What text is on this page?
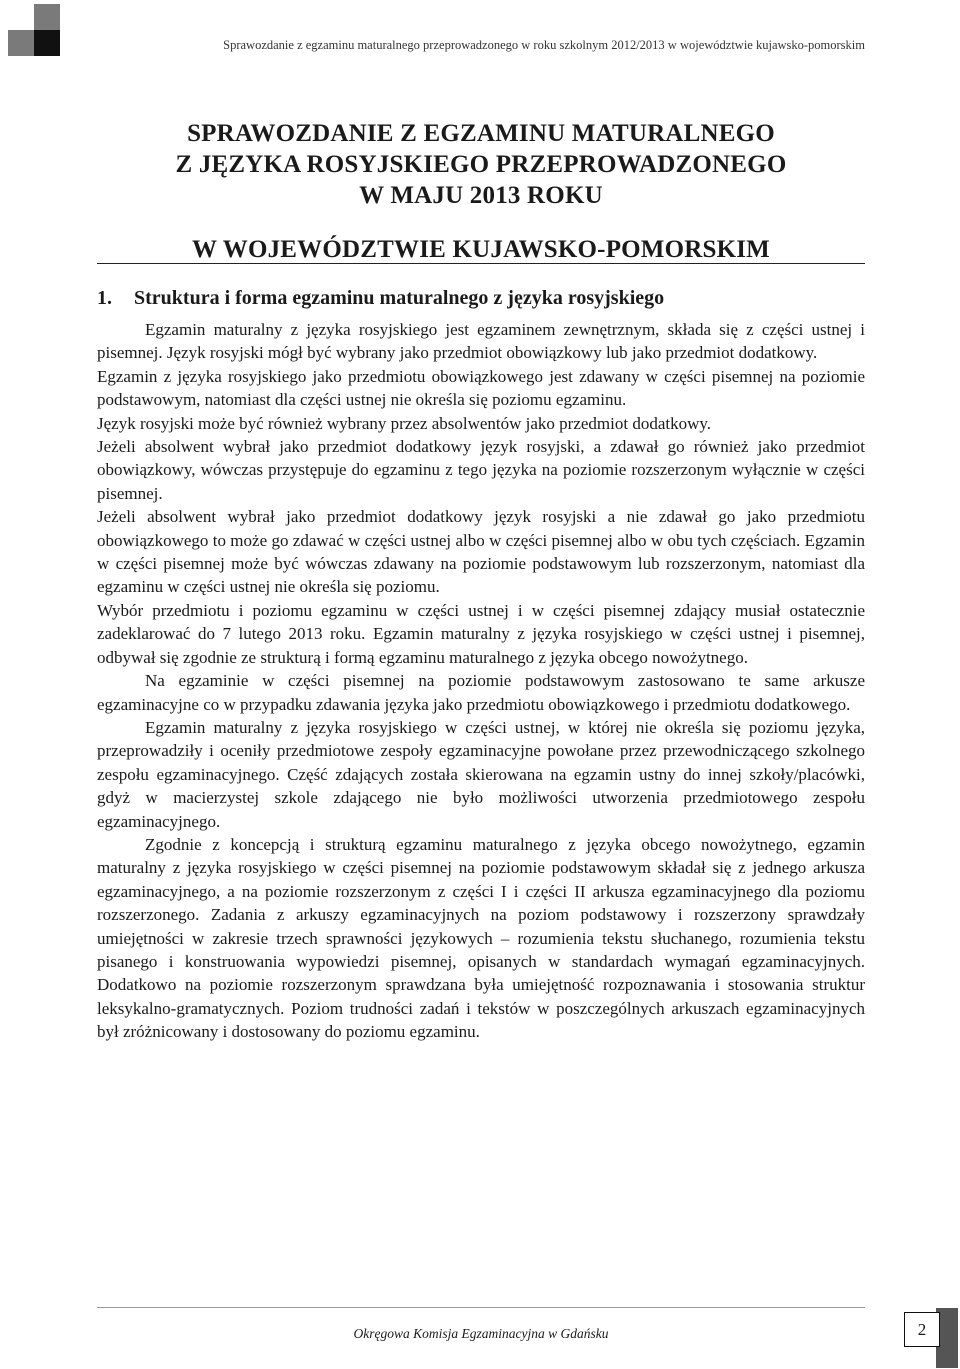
Sprawozdanie z egzaminu maturalnego przeprowadzonego w roku szkolnym 2012/2013 w województwie kujawsko-pomorskim
SPRAWOZDANIE Z EGZAMINU MATURALNEGO
Z JĘZYKA ROSYJSKIEGO PRZEPROWADZONEGO
W MAJU 2013 ROKU
W WOJEWÓDZTWIE KUJAWSKO-POMORSKIM
1. Struktura i forma egzaminu maturalnego z języka rosyjskiego

Egzamin maturalny z języka rosyjskiego jest egzaminem zewnętrznym, składa się z części ustnej i pisemnej. Język rosyjski mógł być wybrany jako przedmiot obowiązkowy lub jako przedmiot dodatkowy.

Egzamin z języka rosyjskiego jako przedmiotu obowiązkowego jest zdawany w części pisemnej na poziomie podstawowym, natomiast dla części ustnej nie określa się poziomu egzaminu.

Język rosyjski może być również wybrany przez absolwentów jako przedmiot dodatkowy.

Jeżeli absolwent wybrał jako przedmiot dodatkowy język rosyjski, a zdawał go również jako przedmiot obowiązkowy, wówczas przystępuje do egzaminu z tego języka na poziomie rozszerzonym wyłącznie w części pisemnej.

Jeżeli absolwent wybrał jako przedmiot dodatkowy język rosyjski a nie zdawał go jako przedmiotu obowiązkowego to może go zdawać w części ustnej albo w części pisemnej albo w obu tych częściach. Egzamin w części pisemnej może być wówczas zdawany na poziomie podstawowym lub rozszerzonym, natomiast dla egzaminu w części ustnej nie określa się poziomu.

Wybór przedmiotu i poziomu egzaminu w części ustnej i w części pisemnej zdający musiał ostatecznie zadeklarować do 7 lutego 2013 roku. Egzamin maturalny z języka rosyjskiego w części ustnej i pisemnej, odbywał się zgodnie ze strukturą i formą egzaminu maturalnego z języka obcego nowożytnego.

Na egzaminie w części pisemnej na poziomie podstawowym zastosowano te same arkusze egzaminacyjne co w przypadku zdawania języka jako przedmiotu obowiązkowego i przedmiotu dodatkowego.

Egzamin maturalny z języka rosyjskiego w części ustnej, w której nie określa się poziomu języka, przeprowadziły i oceniły przedmiotowe zespoły egzaminacyjne powołane przez przewodniczącego szkolnego zespołu egzaminacyjnego. Część zdających została skierowana na egzamin ustny do innej szkoły/placówki, gdyż w macierzystej szkole zdającego nie było możliwości utworzenia przedmiotowego zespołu egzaminacyjnego.

Zgodnie z koncepcją i strukturą egzaminu maturalnego z języka obcego nowożytnego, egzamin maturalny z języka rosyjskiego w części pisemnej na poziomie podstawowym składał się z jednego arkusza egzaminacyjnego, a na poziomie rozszerzonym z części I i części II arkusza egzaminacyjnego dla poziomu rozszerzonego. Zadania z arkuszy egzaminacyjnych na poziom podstawowy i rozszerzony sprawdzały umiejętności w zakresie trzech sprawności językowych – rozumienia tekstu słuchanego, rozumienia tekstu pisanego i konstruowania wypowiedzi pisemnej, opisanych w standardach wymagań egzaminacyjnych. Dodatkowo na poziomie rozszerzonym sprawdzana była umiejętność rozpoznawania i stosowania struktur leksykalno-gramatycznych. Poziom trudności zadań i tekstów w poszczególnych arkuszach egzaminacyjnych był zróżnicowany i dostosowany do poziomu egzaminu.

Okręgowa Komisja Egzaminacyjna w Gdańsku	2
